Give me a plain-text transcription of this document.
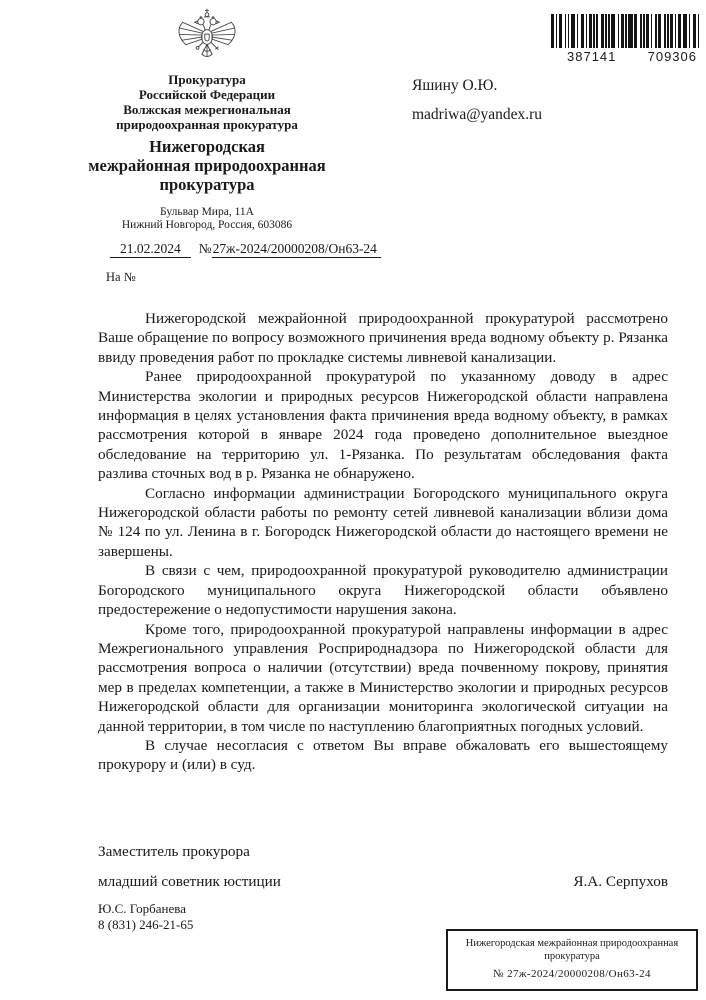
Прокуратура
Российской Федерации
Волжская межрегиональная
природоохранная прокуратура
Нижегородская
межрайонная природоохранная
прокуратура
Бульвар Мира, 11А
Нижний Новгород, Россия, 603086
21.02.2024 №27ж-2024/20000208/Он63-24
На №
387141 709306
Яшину О.Ю.
madriwa@yandex.ru

Нижегородской межрайонной природоохранной прокуратурой рассмотрено Ваше обращение по вопросу возможного причинения вреда водному объекту р. Рязанка ввиду проведения работ по прокладке системы ливневой канализации.

Ранее природоохранной прокуратурой по указанному доводу в адрес Министерства экологии и природных ресурсов Нижегородской области направлена информация в целях установления факта причинения вреда водному объекту, в рамках рассмотрения которой в январе 2024 года проведено дополнительное выездное обследование на территорию ул. 1-Рязанка. По результатам обследования факта разлива сточных вод в р. Рязанка не обнаружено.

Согласно информации администрации Богородского муниципального округа Нижегородской области работы по ремонту сетей ливневой канализации вблизи дома № 124 по ул. Ленина в г. Богородск Нижегородской области до настоящего времени не завершены.

В связи с чем, природоохранной прокуратурой руководителю администрации Богородского муниципального округа Нижегородской области объявлено предостережение о недопустимости нарушения закона.

Кроме того, природоохранной прокуратурой направлены информации в адрес Межрегионального управления Росприроднадзора по Нижегородской области для рассмотрения вопроса о наличии (отсутствии) вреда почвенному покрову, принятия мер в пределах компетенции, а также в Министерство экологии и природных ресурсов Нижегородской области для организации мониторинга экологической ситуации на данной территории, в том числе по наступлению благоприятных погодных условий.

В случае несогласия с ответом Вы вправе обжаловать его вышестоящему прокурору и (или) в суд.

Заместитель прокурора
младший советник юстиции	Я.А. Серпухов
Ю.С. Горбанева
8 (831) 246-21-65
Нижегородская межрайонная природоохранная прокуратура
№ 27ж-2024/20000208/Он63-24
